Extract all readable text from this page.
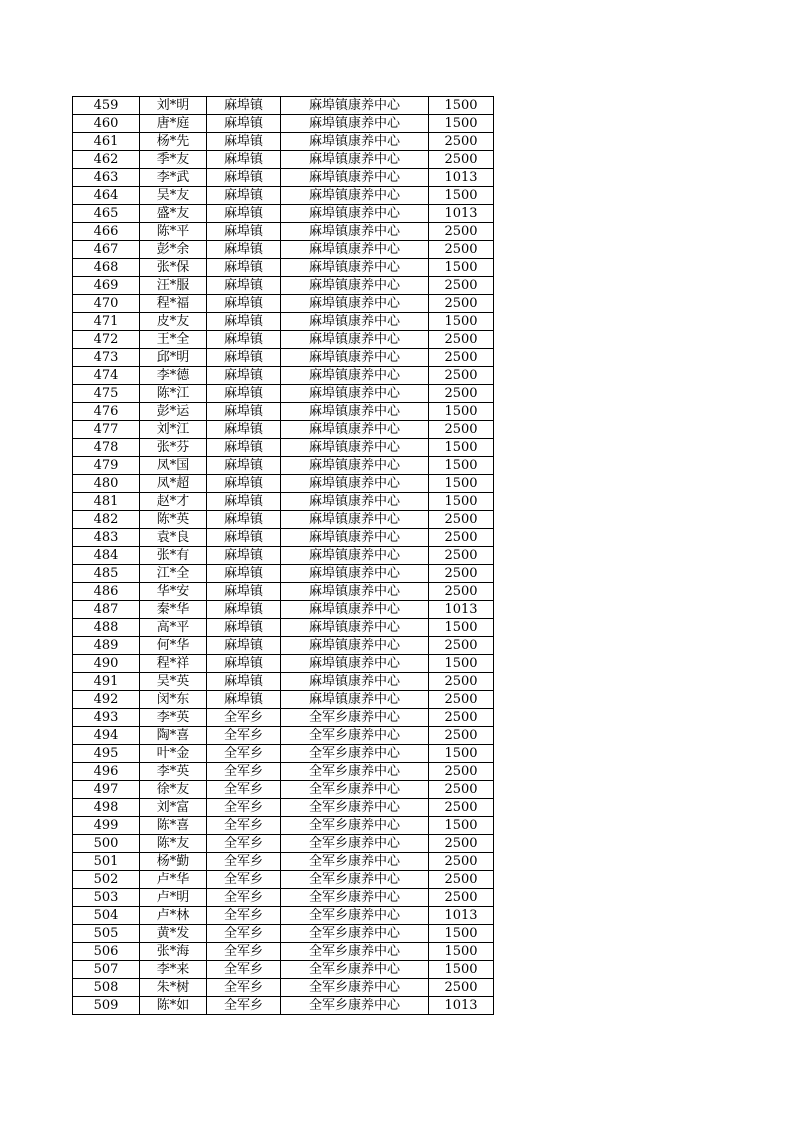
459	刘*明	麻埠镇	麻埠镇康养中心	1500
460	唐*庭	麻埠镇	麻埠镇康养中心	1500
461	杨*先	麻埠镇	麻埠镇康养中心	2500
462	季*友	麻埠镇	麻埠镇康养中心	2500
463	李*武	麻埠镇	麻埠镇康养中心	1013
464	吴*友	麻埠镇	麻埠镇康养中心	1500
465	盛*友	麻埠镇	麻埠镇康养中心	1013
466	陈*平	麻埠镇	麻埠镇康养中心	2500
467	彭*余	麻埠镇	麻埠镇康养中心	2500
468	张*保	麻埠镇	麻埠镇康养中心	1500
469	汪*服	麻埠镇	麻埠镇康养中心	2500
470	程*福	麻埠镇	麻埠镇康养中心	2500
471	皮*友	麻埠镇	麻埠镇康养中心	1500
472	王*全	麻埠镇	麻埠镇康养中心	2500
473	邱*明	麻埠镇	麻埠镇康养中心	2500
474	李*德	麻埠镇	麻埠镇康养中心	2500
475	陈*江	麻埠镇	麻埠镇康养中心	2500
476	彭*运	麻埠镇	麻埠镇康养中心	1500
477	刘*江	麻埠镇	麻埠镇康养中心	2500
478	张*芬	麻埠镇	麻埠镇康养中心	1500
479	凤*国	麻埠镇	麻埠镇康养中心	1500
480	凤*超	麻埠镇	麻埠镇康养中心	1500
481	赵*才	麻埠镇	麻埠镇康养中心	1500
482	陈*英	麻埠镇	麻埠镇康养中心	2500
483	袁*良	麻埠镇	麻埠镇康养中心	2500
484	张*有	麻埠镇	麻埠镇康养中心	2500
485	江*全	麻埠镇	麻埠镇康养中心	2500
486	华*安	麻埠镇	麻埠镇康养中心	2500
487	秦*华	麻埠镇	麻埠镇康养中心	1013
488	高*平	麻埠镇	麻埠镇康养中心	1500
489	何*华	麻埠镇	麻埠镇康养中心	2500
490	程*祥	麻埠镇	麻埠镇康养中心	1500
491	吴*英	麻埠镇	麻埠镇康养中心	2500
492	闵*东	麻埠镇	麻埠镇康养中心	2500
493	李*英	全军乡	全军乡康养中心	2500
494	陶*喜	全军乡	全军乡康养中心	2500
495	叶*金	全军乡	全军乡康养中心	1500
496	李*英	全军乡	全军乡康养中心	2500
497	徐*友	全军乡	全军乡康养中心	2500
498	刘*富	全军乡	全军乡康养中心	2500
499	陈*喜	全军乡	全军乡康养中心	1500
500	陈*友	全军乡	全军乡康养中心	2500
501	杨*勤	全军乡	全军乡康养中心	2500
502	卢*华	全军乡	全军乡康养中心	2500
503	卢*明	全军乡	全军乡康养中心	2500
504	卢*林	全军乡	全军乡康养中心	1013
505	黄*发	全军乡	全军乡康养中心	1500
506	张*海	全军乡	全军乡康养中心	1500
507	李*来	全军乡	全军乡康养中心	1500
508	朱*树	全军乡	全军乡康养中心	2500
509	陈*如	全军乡	全军乡康养中心	1013
